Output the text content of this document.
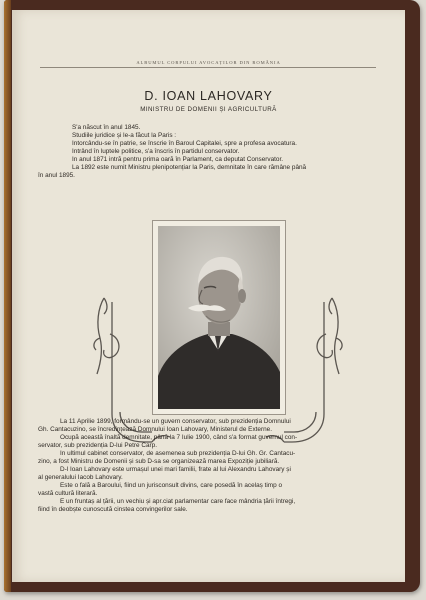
ALBUMUL CORPULUI AVOCAȚILOR DIN ROMÂNIA
D. IOAN LAHOVARY
MINISTRU DE DOMENII ȘI AGRICULTURĂ
S'a născut în anul 1845.
Studiile juridice și le-a făcut la Paris :
Intorcându-se în patrie, se înscrie în Baroul Capitalei, spre a profesa avocatura.
Intrând în luptele politice, s'a înscris în partidul conservator.
In anul 1871 intră pentru prima oară în Parlament, ca deputat Conservator.
La 1892 este numit Ministru plenipotențiar la Paris, demnitate în care rămâne până
în anul 1895.
La 11 Aprilie 1899, formându-se un guvern conservator, sub prezidenția Domnului
Gh. Cantacuzino, se încredințează Domnului Ioan Lahovary, Ministerul de Externe.
Ocupă această înaltă demnitate, până la 7 Iulie 1900, când s'a format guvernul con-
servator, sub prezidenția D-lui Petre Carp.
In ultimul cabinet conservator, de asemenea sub prezidenția D-lui Gh. Gr. Cantacu-
zino, a fost Ministru de Domenii și sub D-sa se organizează marea Expoziție jubiliară.
D-l Ioan Lahovary este urmașul unei mari familii, frate al lui Alexandru Lahovary și
al generalului Iacob Lahovary.
Este o fală a Baroului, fiind un jurisconsult divins, care posedă în acelaș timp o
vastă cultură literară.
E un fruntaș al țării, un vechiu și apr.ciat parlamentar care face mândria țării întregi,
fiind în deobște cunoscută cinstea convingerilor sale.
